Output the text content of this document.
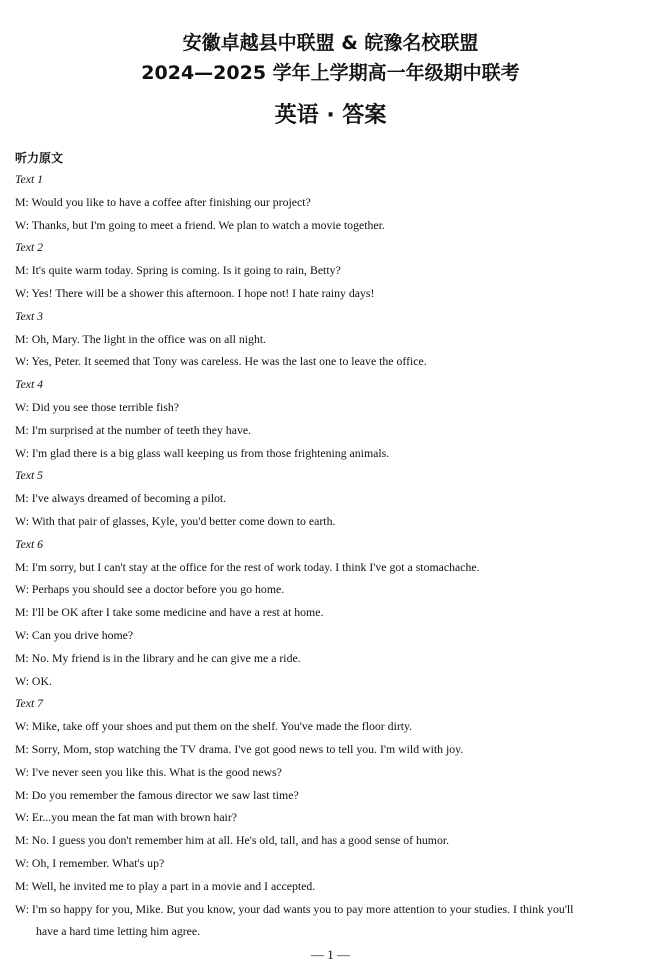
安徽卓越县中联盟 & 皖豫名校联盟
2024—2025 学年上学期高一年级期中联考
英语 · 答案
听力原文
Text 1
M: Would you like to have a coffee after finishing our project?
W: Thanks, but I'm going to meet a friend. We plan to watch a movie together.
Text 2
M: It's quite warm today. Spring is coming. Is it going to rain, Betty?
W: Yes! There will be a shower this afternoon. I hope not! I hate rainy days!
Text 3
M: Oh, Mary. The light in the office was on all night.
W: Yes, Peter. It seemed that Tony was careless. He was the last one to leave the office.
Text 4
W: Did you see those terrible fish?
M: I'm surprised at the number of teeth they have.
W: I'm glad there is a big glass wall keeping us from those frightening animals.
Text 5
M: I've always dreamed of becoming a pilot.
W: With that pair of glasses, Kyle, you'd better come down to earth.
Text 6
M: I'm sorry, but I can't stay at the office for the rest of work today. I think I've got a stomachache.
W: Perhaps you should see a doctor before you go home.
M: I'll be OK after I take some medicine and have a rest at home.
W: Can you drive home?
M: No. My friend is in the library and he can give me a ride.
W: OK.
Text 7
W: Mike, take off your shoes and put them on the shelf. You've made the floor dirty.
M: Sorry, Mom, stop watching the TV drama. I've got good news to tell you. I'm wild with joy.
W: I've never seen you like this. What is the good news?
M: Do you remember the famous director we saw last time?
W: Er...you mean the fat man with brown hair?
M: No. I guess you don't remember him at all. He's old, tall, and has a good sense of humor.
W: Oh, I remember. What's up?
M: Well, he invited me to play a part in a movie and I accepted.
W: I'm so happy for you, Mike. But you know, your dad wants you to pay more attention to your studies. I think you'll
have a hard time letting him agree.
— 1 —
